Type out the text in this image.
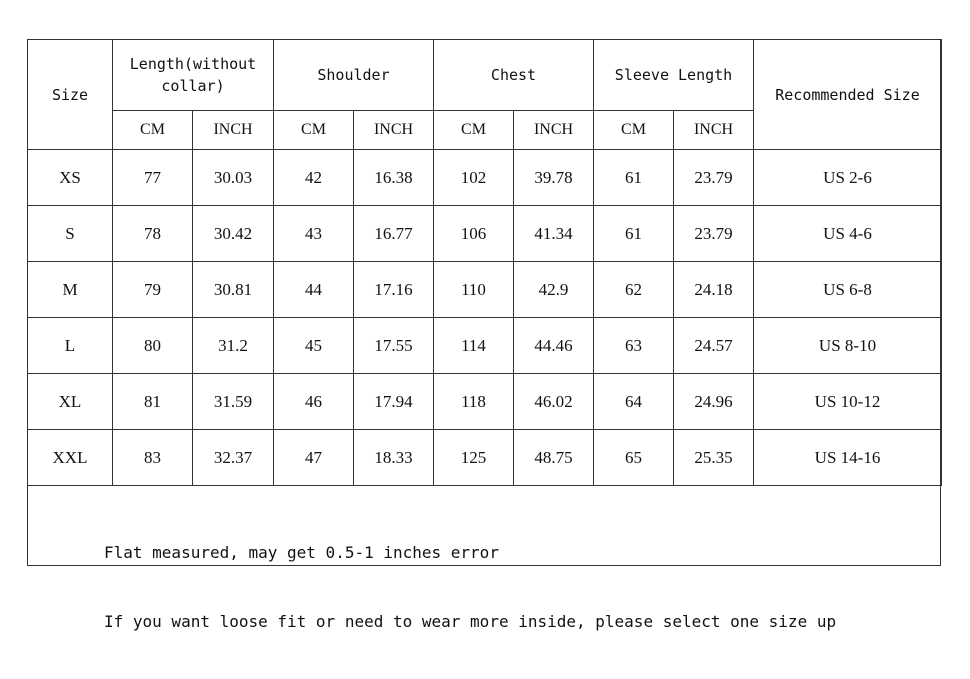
Size	Length(without
collar)		Shoulder		Chest		Sleeve Length		Recommended Size
	CM	INCH	CM	INCH	CM	INCH	CM	INCH	
XS	77	30.03	42	16.38	102	39.78	61	23.79	US 2-6
S	78	30.42	43	16.77	106	41.34	61	23.79	US 4-6
M	79	30.81	44	17.16	110	42.9	62	24.18	US 6-8
L	80	31.2	45	17.55	114	44.46	63	24.57	US 8-10
XL	81	31.59	46	17.94	118	46.02	64	24.96	US 10-12
XXL	83	32.37	47	18.33	125	48.75	65	25.35	US 14-16

Flat measured, may get 0.5-1 inches error

If you want loose fit or need to wear more inside, please select one size up
